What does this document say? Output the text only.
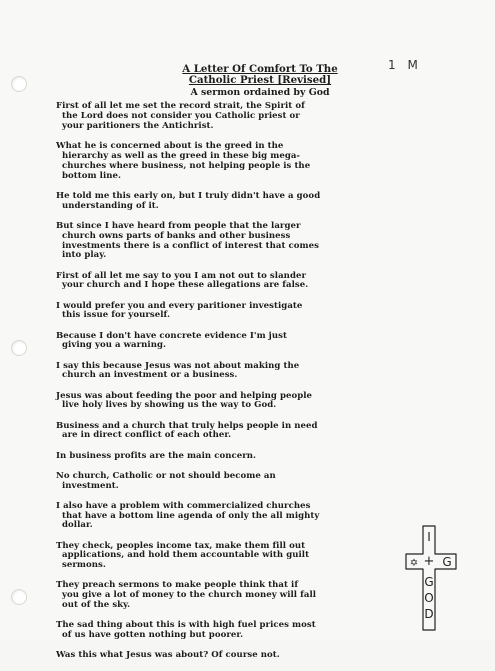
1 M
A Letter Of Comfort To The
Catholic Priest [Revised]
A sermon ordained by God
First of all let me set the record strait, the Spirit of
the Lord does not consider you Catholic priest or
your paritioners the Antichrist.
What he is concerned about is the greed in the
hierarchy as well as the greed in these big mega-
churches where business, not helping people is the
bottom line.
He told me this early on, but I truly didn't have a good
understanding of it.
But since I have heard from people that the larger
church owns parts of banks and other business
investments there is a conflict of interest that comes
into play.
First of all let me say to you I am not out to slander
your church and I hope these allegations are false.
I would prefer you and every paritioner investigate
this issue for yourself.
Because I don't have concrete evidence I'm just
giving you a warning.
I say this because Jesus was not about making the
church an investment or a business.
Jesus was about feeding the poor and helping people
live holy lives by showing us the way to God.
Business and a church that truly helps people in need
are in direct conflict of each other.
In business profits are the main concern.
No church, Catholic or not should become an
investment.
I also have a problem with commercialized churches
that have a bottom line agenda of only the all mighty
dollar.
They check, peoples income tax, make them fill out
applications, and hold them accountable with guilt
sermons.
They preach sermons to make people think that if
you give a lot of money to the church money will fall
out of the sky.
The sad thing about this is with high fuel prices most
of us have gotten nothing but poorer.
Was this what Jesus was about? Of course not.
I
+ G
✡
G
O
D
